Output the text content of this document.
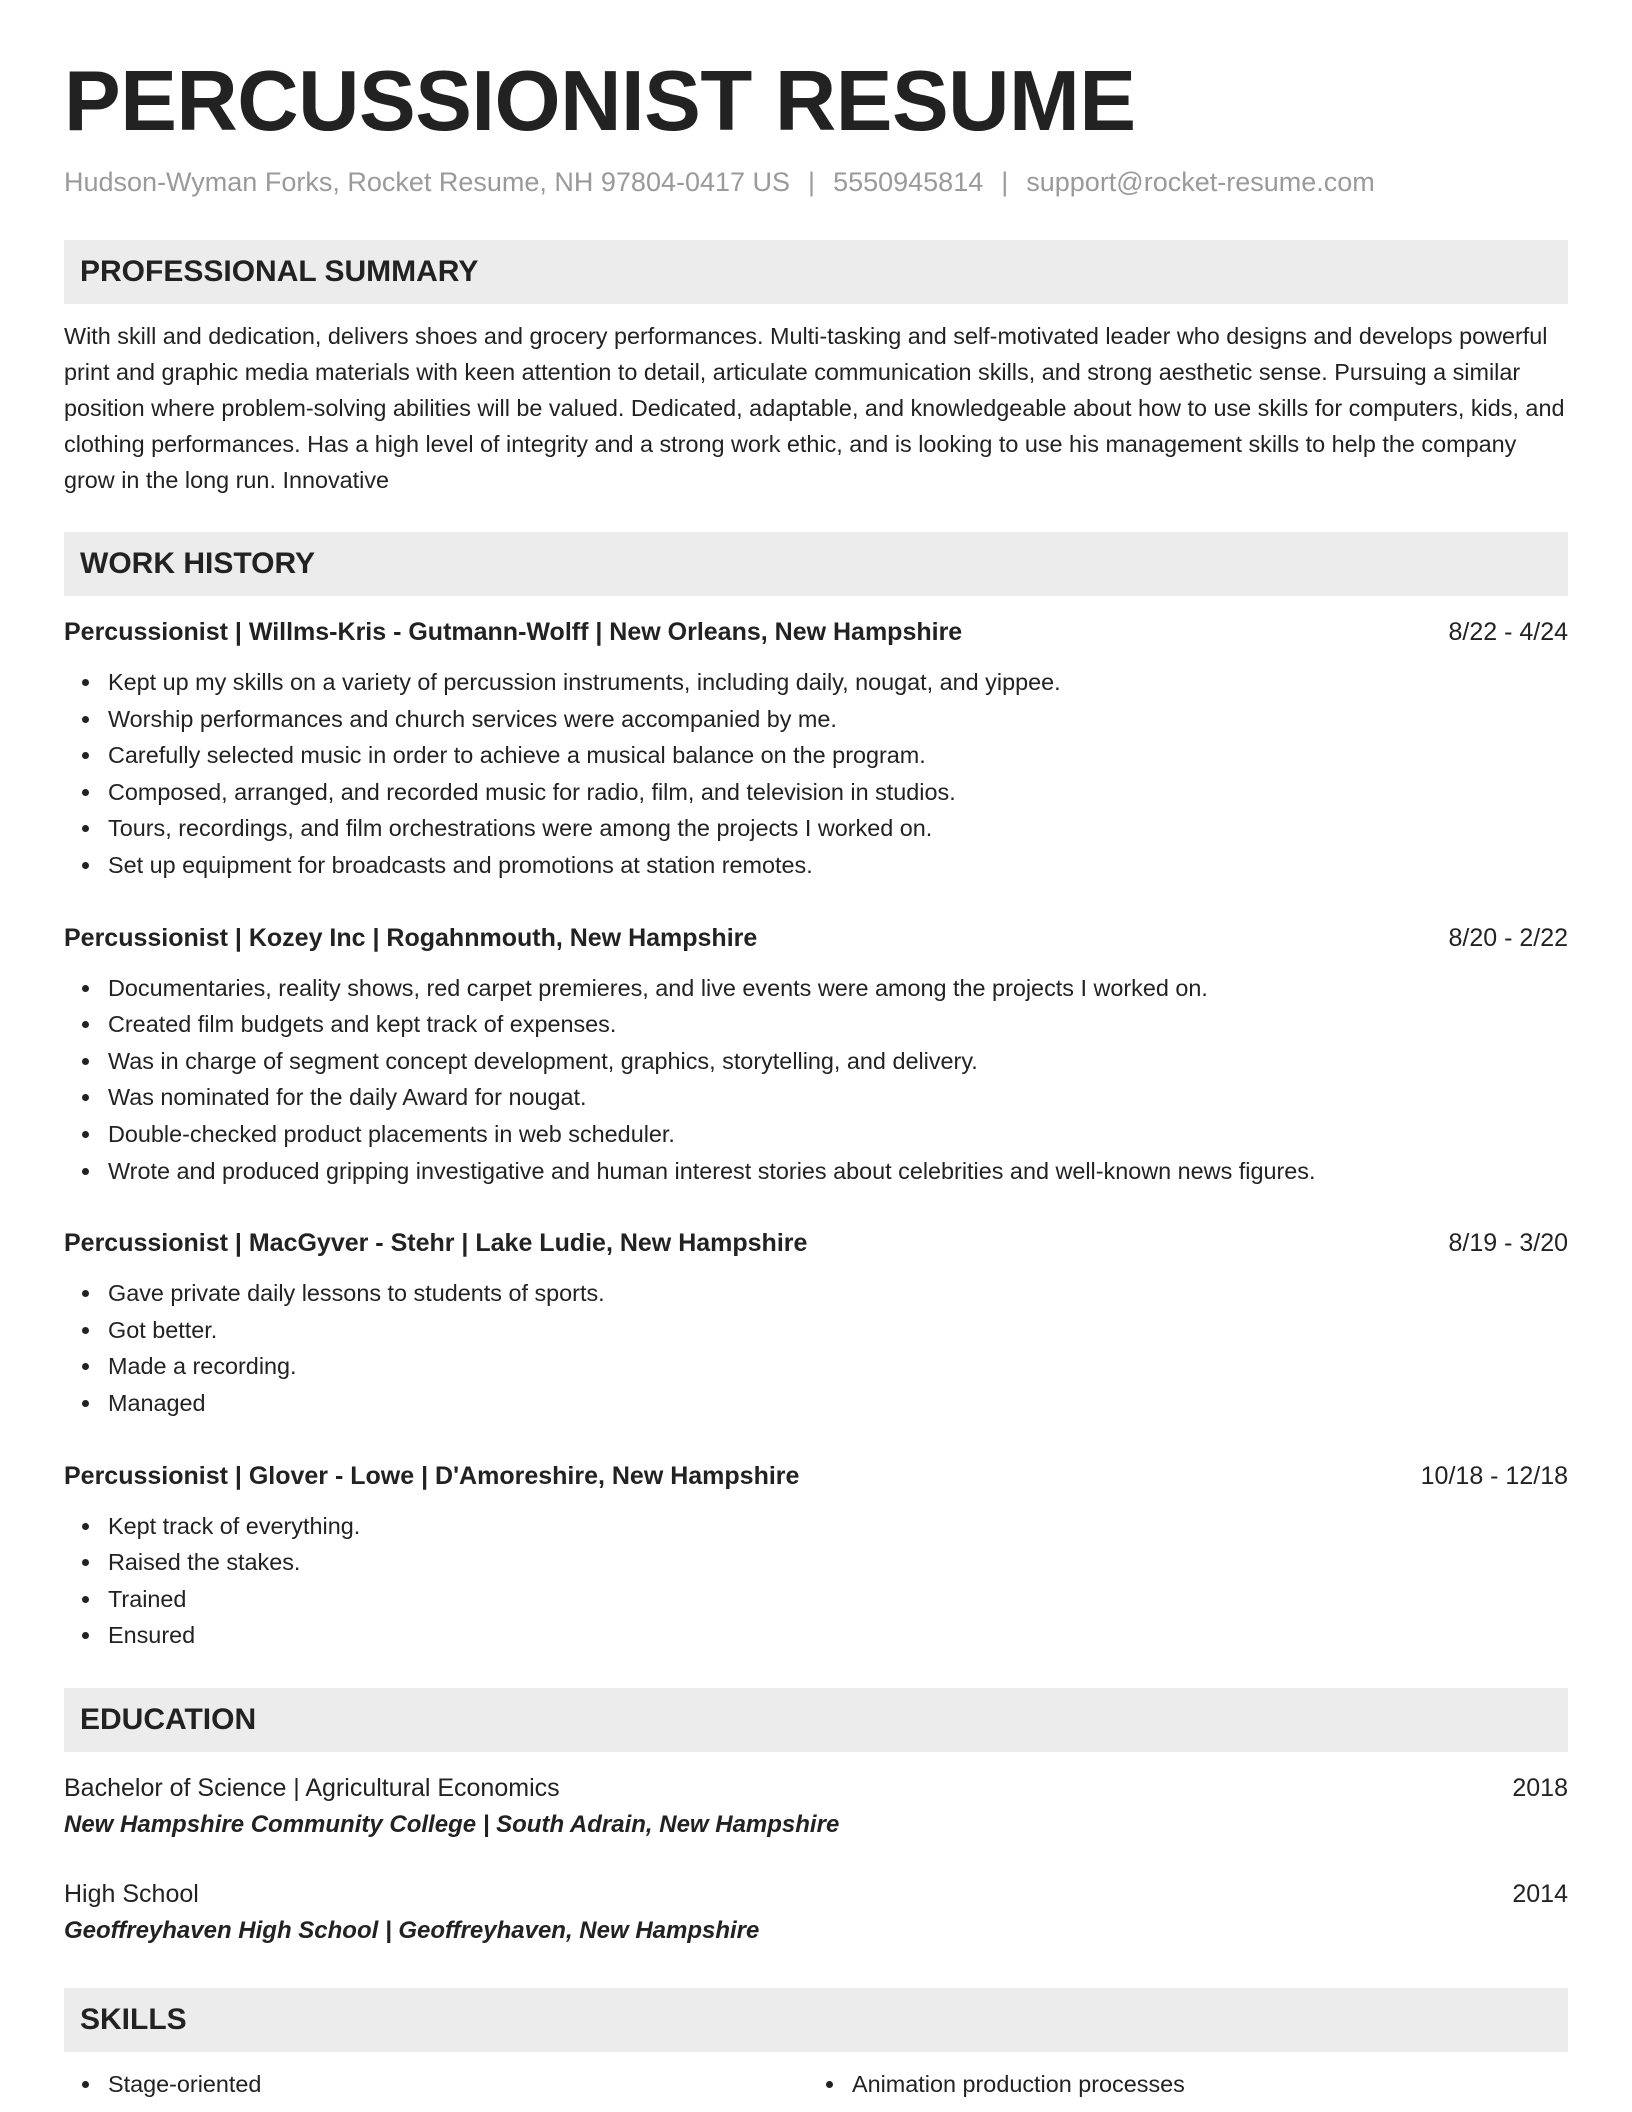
PERCUSSIONIST RESUME
Hudson-Wyman Forks, Rocket Resume, NH 97804-0417 US | 5550945814 | support@rocket-resume.com
PROFESSIONAL SUMMARY
With skill and dedication, delivers shoes and grocery performances. Multi-tasking and self-motivated leader who designs and develops powerful print and graphic media materials with keen attention to detail, articulate communication skills, and strong aesthetic sense. Pursuing a similar position where problem-solving abilities will be valued. Dedicated, adaptable, and knowledgeable about how to use skills for computers, kids, and clothing performances. Has a high level of integrity and a strong work ethic, and is looking to use his management skills to help the company grow in the long run. Innovative
WORK HISTORY
Percussionist | Willms-Kris - Gutmann-Wolff | New Orleans, New Hampshire	8/22 - 4/24
Kept up my skills on a variety of percussion instruments, including daily, nougat, and yippee.
Worship performances and church services were accompanied by me.
Carefully selected music in order to achieve a musical balance on the program.
Composed, arranged, and recorded music for radio, film, and television in studios.
Tours, recordings, and film orchestrations were among the projects I worked on.
Set up equipment for broadcasts and promotions at station remotes.
Percussionist | Kozey Inc | Rogahnmouth, New Hampshire	8/20 - 2/22
Documentaries, reality shows, red carpet premieres, and live events were among the projects I worked on.
Created film budgets and kept track of expenses.
Was in charge of segment concept development, graphics, storytelling, and delivery.
Was nominated for the daily Award for nougat.
Double-checked product placements in web scheduler.
Wrote and produced gripping investigative and human interest stories about celebrities and well-known news figures.
Percussionist | MacGyver - Stehr | Lake Ludie, New Hampshire	8/19 - 3/20
Gave private daily lessons to students of sports.
Got better.
Made a recording.
Managed
Percussionist | Glover - Lowe | D'Amoreshire, New Hampshire	10/18 - 12/18
Kept track of everything.
Raised the stakes.
Trained
Ensured
EDUCATION
Bachelor of Science | Agricultural Economics	2018
New Hampshire Community College | South Adrain, New Hampshire
High School	2014
Geoffreyhaven High School | Geoffreyhaven, New Hampshire
SKILLS
Stage-oriented	Animation production processes
